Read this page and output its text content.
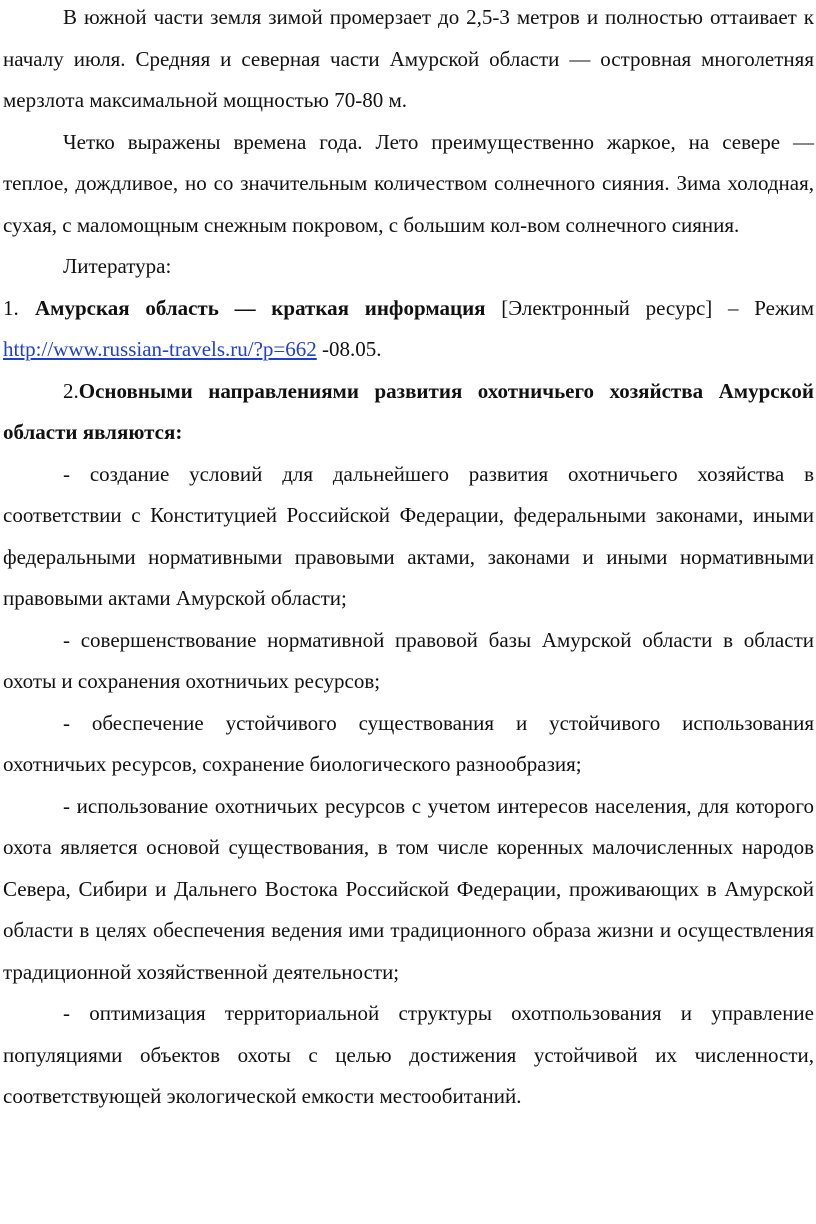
В южной части земля зимой промерзает до 2,5-3 метров и полностью оттаивает к началу июля. Средняя и северная части Амурской области — островная многолетняя мерзлота максимальной мощностью 70-80 м.

Четко выражены времена года. Лето преимущественно жаркое, на севере — теплое, дождливое, но со значительным количеством солнечного сияния. Зима холодная, сухая, с маломощным снежным покровом, с большим кол-вом солнечного сияния.

Литература:

1. Амурская область — краткая информация [Электронный ресурс] – Режим http://www.russian-travels.ru/?p=662 -08.05.

2.Основными направлениями развития охотничьего хозяйства Амурской области являются:

- создание условий для дальнейшего развития охотничьего хозяйства в соответствии с Конституцией Российской Федерации, федеральными законами, иными федеральными нормативными правовыми актами, законами и иными нормативными правовыми актами Амурской области;

- совершенствование нормативной правовой базы Амурской области в области охоты и сохранения охотничьих ресурсов;

- обеспечение устойчивого существования и устойчивого использования охотничьих ресурсов, сохранение биологического разнообразия;

- использование охотничьих ресурсов с учетом интересов населения, для которого охота является основой существования, в том числе коренных малочисленных народов Севера, Сибири и Дальнего Востока Российской Федерации, проживающих в Амурской области в целях обеспечения ведения ими традиционного образа жизни и осуществления традиционной хозяйственной деятельности;

- оптимизация территориальной структуры охотпользования и управление популяциями объектов охоты с целью достижения устойчивой их численности, соответствующей экологической емкости местообитаний.
